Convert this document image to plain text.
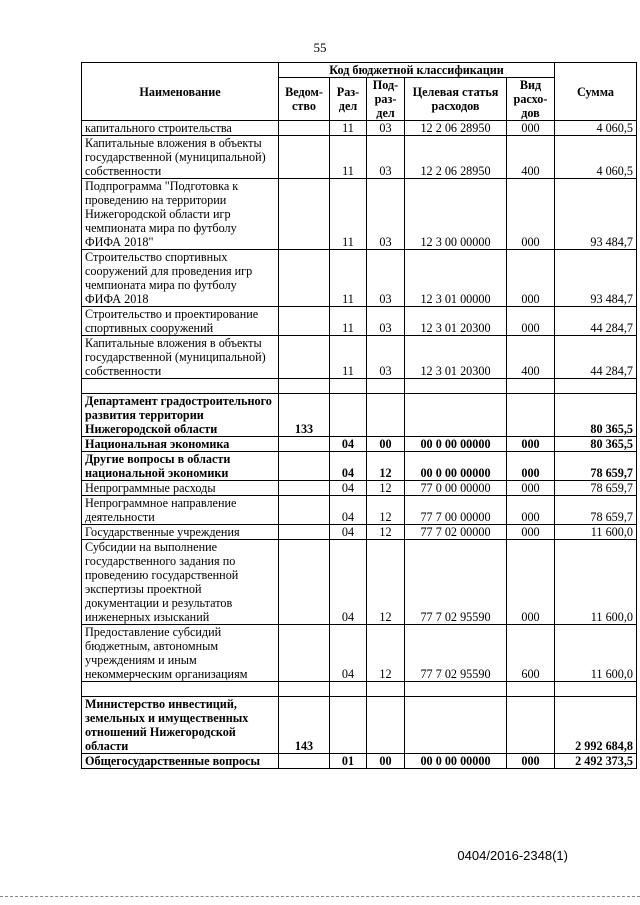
55
Наименование	Код бюджетной классификации					Сумма
	Ведом-ство	Раз-дел	Под-раз-дел	Целевая статья расходов	Вид расхо-дов	
капитального строительства		11	03	12 2 06 28950	000	4 060,5
Капитальные вложения в объекты государственной (муниципальной) собственности		11	03	12 2 06 28950	400	4 060,5
Подпрограмма "Подготовка к проведению на территории Нижегородской области игр чемпионата мира по футболу ФИФА 2018"		11	03	12 3 00 00000	000	93 484,7
Строительство спортивных сооружений для проведения игр чемпионата мира по футболу ФИФА 2018		11	03	12 3 01 00000	000	93 484,7
Строительство и проектирование спортивных сооружений		11	03	12 3 01 20300	000	44 284,7
Капитальные вложения в объекты государственной (муниципальной) собственности		11	03	12 3 01 20300	400	44 284,7

Департамент градостроительного развития территории Нижегородской области	133					80 365,5
Национальная экономика		04	00	00 0 00 00000	000	80 365,5
Другие вопросы в области национальной экономики		04	12	00 0 00 00000	000	78 659,7
Непрограммные расходы		04	12	77 0 00 00000	000	78 659,7
Непрограммное направление деятельности		04	12	77 7 00 00000	000	78 659,7
Государственные учреждения		04	12	77 7 02 00000	000	11 600,0
Субсидии на выполнение государственного задания по проведению государственной экспертизы проектной документации и результатов инженерных изысканий		04	12	77 7 02 95590	000	11 600,0
Предоставление субсидий бюджетным, автономным учреждениям и иным некоммерческим организациям		04	12	77 7 02 95590	600	11 600,0

Министерство инвестиций, земельных и имущественных отношений Нижегородской области	143					2 992 684,8
Общегосударственные вопросы		01	00	00 0 00 00000	000	2 492 373,5
0404/2016-2348(1)
